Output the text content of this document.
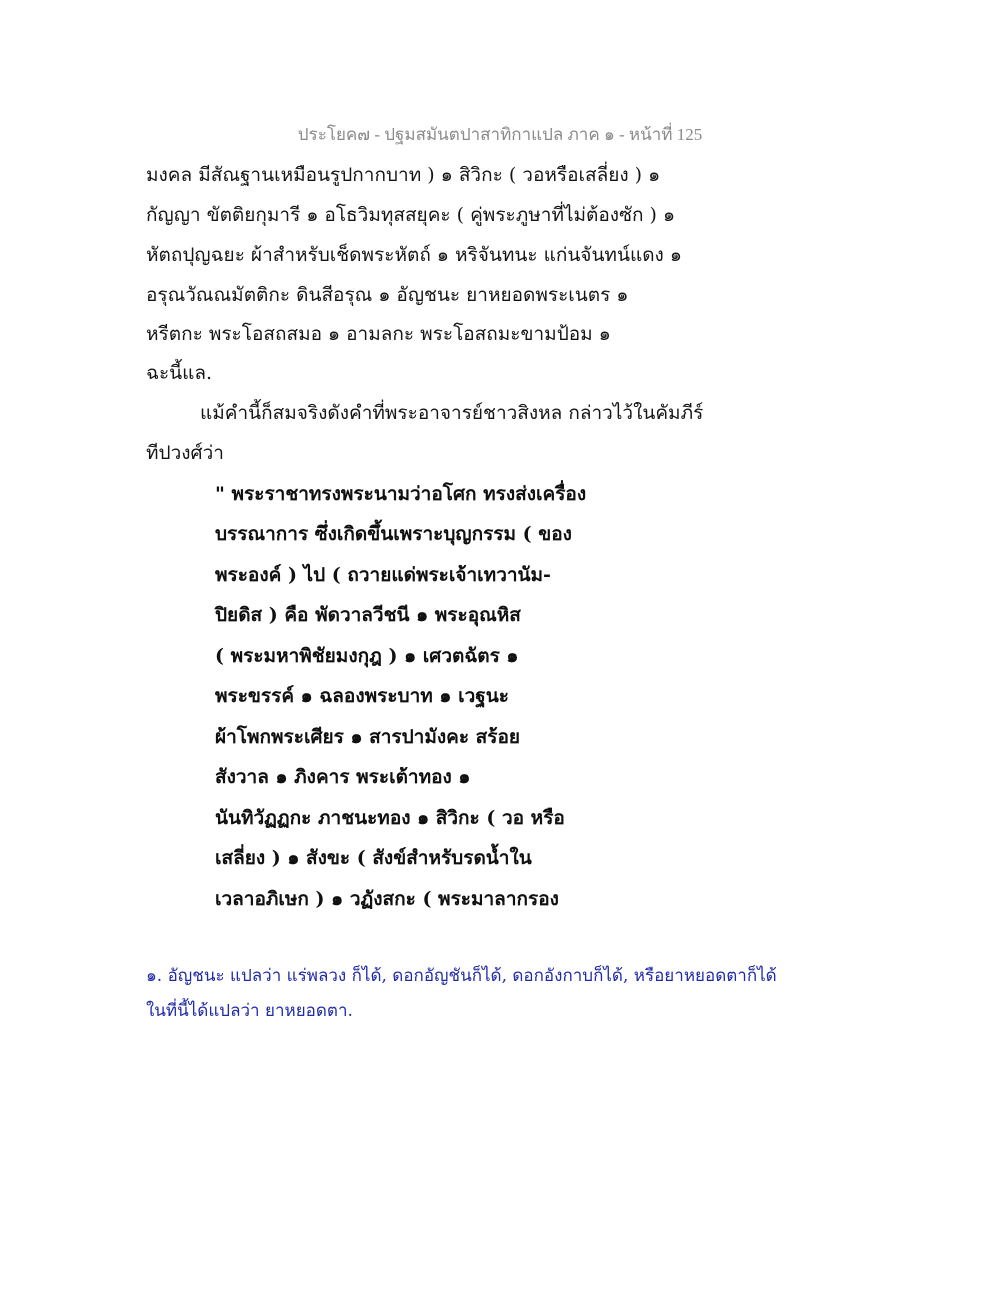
ประโยค๗ - ปฐมสมันตปาสาทิกาแปล ภาค ๑ - หน้าที่ 125
มงคล มีสัณฐานเหมือนรูปกากบาท ) ๑ สิวิกะ ( วอหรือเสลี่ยง ) ๑
กัญญา ขัตติยกุมารี ๑ อโธวิมทุสสยุคะ ( คู่พระภูษาที่ไม่ต้องซัก ) ๑
หัตถปุญฉยะ ผ้าสำหรับเช็ดพระหัตถ์ ๑ หริจันทนะ แก่นจันทน์แดง ๑
อรุณวัณณมัตติกะ ดินสีอรุณ ๑ อัญชนะ ยาหยอดพระเนตร ๑
หรีตกะ พระโอสถสมอ ๑ อามลกะ พระโอสถมะขามป้อม ๑
ฉะนี้แล.
แม้คำนี้ก็สมจริงดังคำที่พระอาจารย์ชาวสิงหล กล่าวไว้ในคัมภีร์
ทีปวงศ์ว่า
" พระราชาทรงพระนามว่าอโศก ทรงส่งเครื่อง
บรรณาการ ซึ่งเกิดขึ้นเพราะบุญกรรม ( ของ
พระองค์ ) ไป ( ถวายแด่พระเจ้าเทวานัม-
ปิยดิส ) คือ พัดวาลวีชนี ๑ พระอุณหิส
( พระมหาพิชัยมงกุฎ ) ๑ เศวตฉัตร ๑
พระขรรค์ ๑ ฉลองพระบาท ๑ เวฐนะ
ผ้าโพกพระเศียร ๑ สารปามังคะ สร้อย
สังวาล ๑ ภิงคาร พระเต้าทอง ๑
นันทิวัฏฏกะ ภาชนะทอง ๑ สิวิกะ ( วอ หรือ
เสลี่ยง ) ๑ สังขะ ( สังข์สำหรับรดน้ำใน
เวลาอภิเษก ) ๑ วฏังสกะ ( พระมาลากรอง
๑. อัญชนะ แปลว่า แร่พลวง ก็ได้, ดอกอัญชันก็ได้, ดอกอังกาบก็ได้, หรือยาหยอดตาก็ได้
ในที่นี้ได้แปลว่า ยาหยอดตา.
